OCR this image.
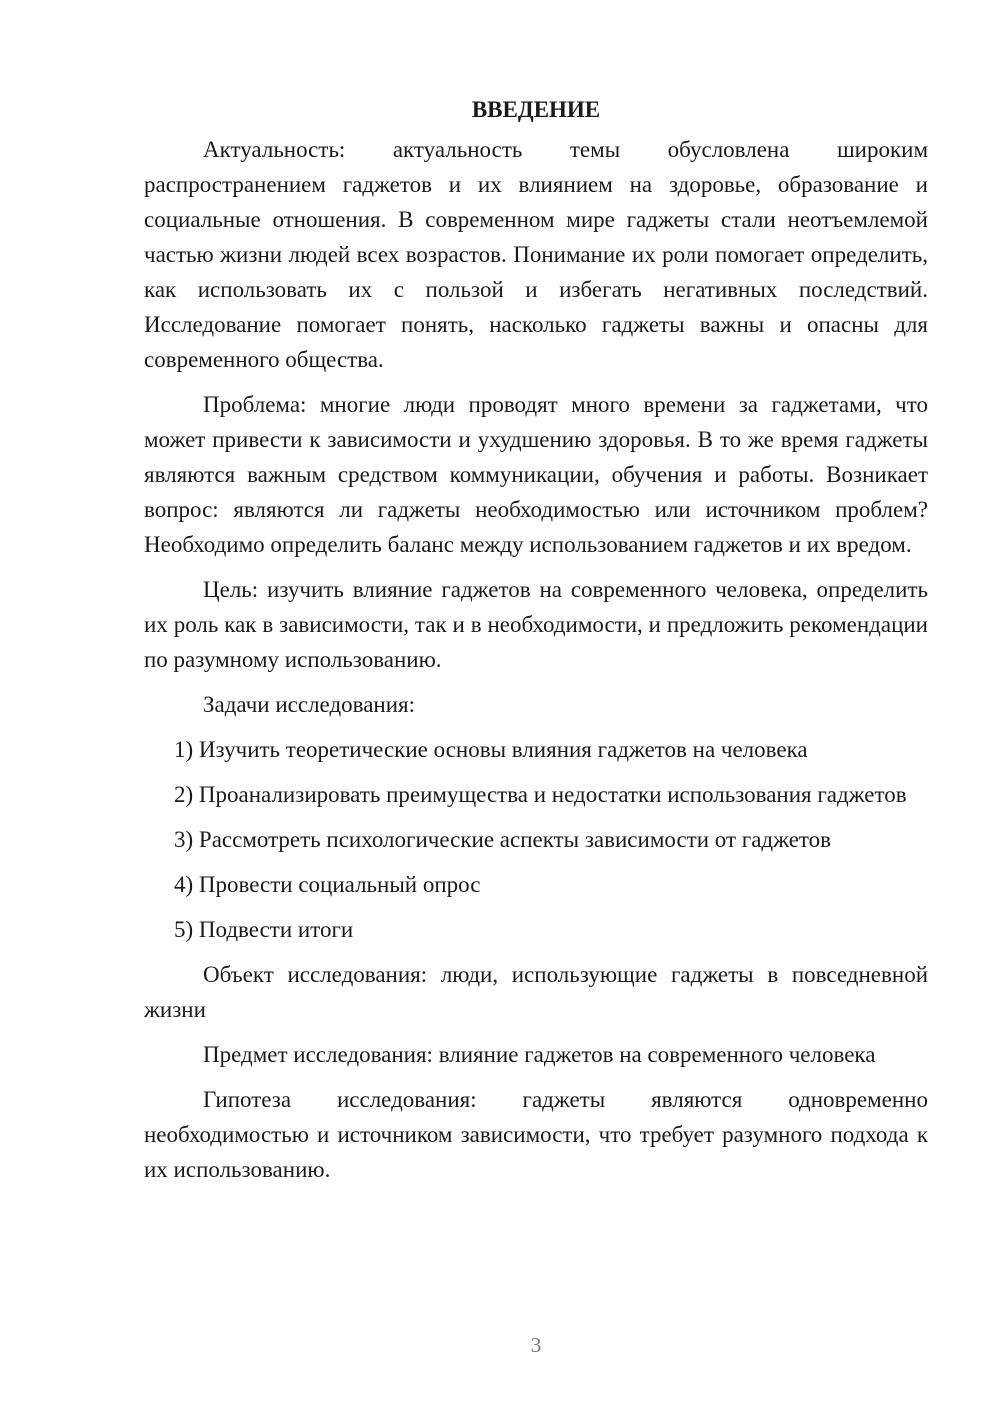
ВВЕДЕНИЕ

Актуальность: актуальность темы обусловлена широким распространением гаджетов и их влиянием на здоровье, образование и социальные отношения. В современном мире гаджеты стали неотъемлемой частью жизни людей всех возрастов. Понимание их роли помогает определить, как использовать их с пользой и избегать негативных последствий. Исследование помогает понять, насколько гаджеты важны и опасны для современного общества.

Проблема: многие люди проводят много времени за гаджетами, что может привести к зависимости и ухудшению здоровья. В то же время гаджеты являются важным средством коммуникации, обучения и работы. Возникает вопрос: являются ли гаджеты необходимостью или источником проблем? Необходимо определить баланс между использованием гаджетов и их вредом.

Цель: изучить влияние гаджетов на современного человека, определить их роль как в зависимости, так и в необходимости, и предложить рекомендации по разумному использованию.

Задачи исследования:

1) Изучить теоретические основы влияния гаджетов на человека

2) Проанализировать преимущества и недостатки использования гаджетов

3) Рассмотреть психологические аспекты зависимости от гаджетов

4) Провести социальный опрос

5) Подвести итоги

Объект исследования: люди, использующие гаджеты в повседневной жизни

Предмет исследования: влияние гаджетов на современного человека

Гипотеза исследования: гаджеты являются одновременно необходимостью и источником зависимости, что требует разумного подхода к их использованию.

3
